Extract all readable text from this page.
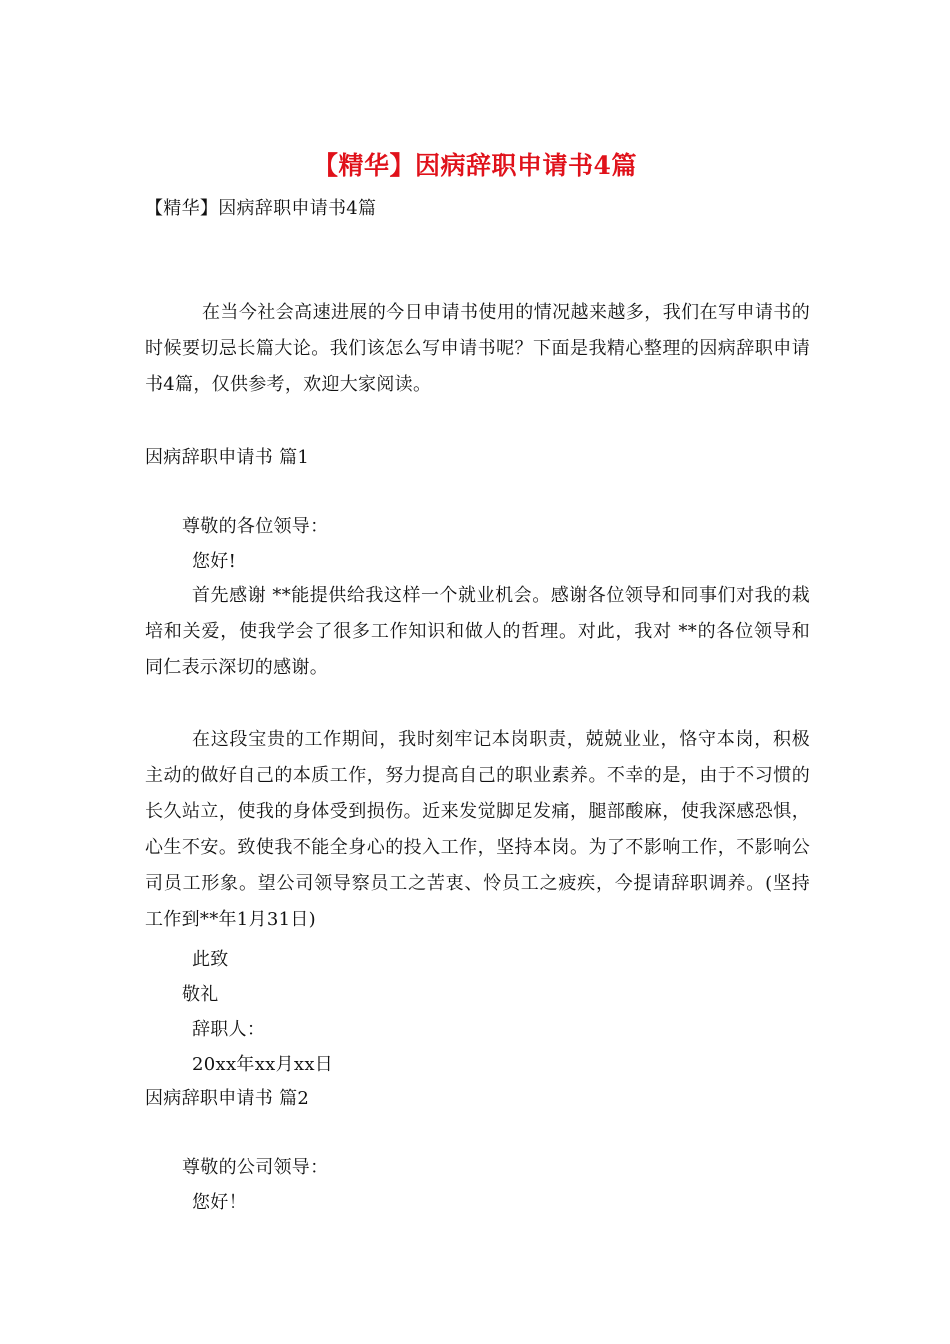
【精华】因病辞职申请书4篇
【精华】因病辞职申请书4篇
在当今社会高速进展的今日申请书使用的情况越来越多，我们在写申请书的时候要切忌长篇大论。我们该怎么写申请书呢？下面是我精心整理的因病辞职申请书4篇，仅供参考，欢迎大家阅读。
因病辞职申请书 篇1
尊敬的各位领导：
您好!
首先感谢 **能提供给我这样一个就业机会。感谢各位领导和同事们对我的栽培和关爱，使我学会了很多工作知识和做人的哲理。对此，我对 **的各位领导和同仁表示深切的感谢。
在这段宝贵的工作期间，我时刻牢记本岗职责，兢兢业业，恪守本岗，积极主动的做好自己的本质工作，努力提高自己的职业素养。不幸的是，由于不习惯的长久站立，使我的身体受到损伤。近来发觉脚足发痛，腿部酸麻，使我深感恐惧，心生不安。致使我不能全身心的投入工作，坚持本岗。为了不影响工作，不影响公司员工形象。望公司领导察员工之苦衷、怜员工之疲疾，今提请辞职调养。(坚持工作到**年1月31日)
此致
敬礼
辞职人：
20xx年xx月xx日
因病辞职申请书 篇2
尊敬的公司领导：
您好！
